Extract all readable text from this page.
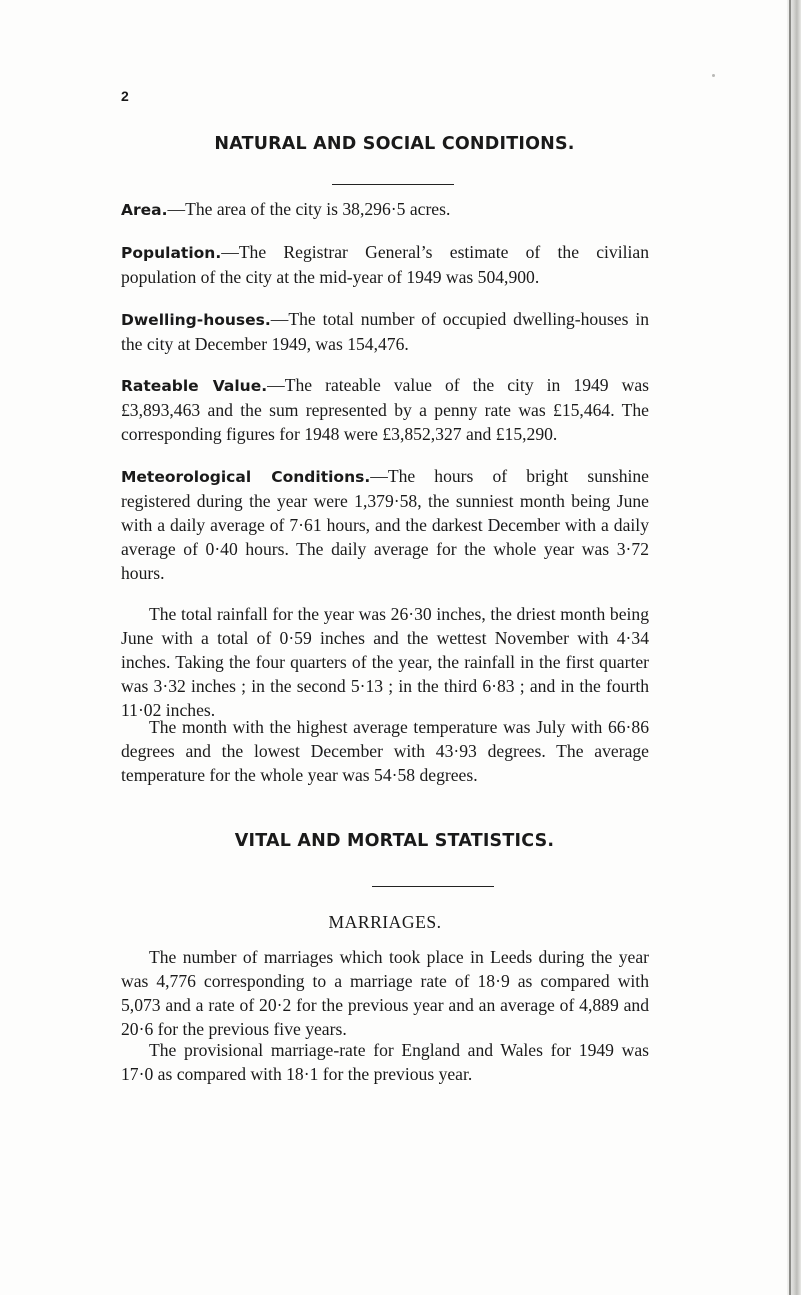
2
NATURAL AND SOCIAL CONDITIONS.

Area.—The area of the city is 38,296·5 acres.

Population.—The Registrar General’s estimate of the civilian population of the city at the mid-year of 1949 was 504,900.

Dwelling-houses.—The total number of occupied dwelling-houses in the city at December 1949, was 154,476.

Rateable Value.—The rateable value of the city in 1949 was £3,893,463 and the sum represented by a penny rate was £15,464. The corresponding figures for 1948 were £3,852,327 and £15,290.

Meteorological Conditions.—The hours of bright sunshine registered during the year were 1,379·58, the sunniest month being June with a daily average of 7·61 hours, and the darkest December with a daily average of 0·40 hours. The daily average for the whole year was 3·72 hours.

The total rainfall for the year was 26·30 inches, the driest month being June with a total of 0·59 inches and the wettest November with 4·34 inches. Taking the four quarters of the year, the rainfall in the first quarter was 3·32 inches ; in the second 5·13 ; in the third 6·83 ; and in the fourth 11·02 inches.

The month with the highest average temperature was July with 66·86 degrees and the lowest December with 43·93 degrees. The average temperature for the whole year was 54·58 degrees.

VITAL AND MORTAL STATISTICS.
MARRIAGES.

The number of marriages which took place in Leeds during the year was 4,776 corresponding to a marriage rate of 18·9 as compared with 5,073 and a rate of 20·2 for the previous year and an average of 4,889 and 20·6 for the previous five years.

The provisional marriage-rate for England and Wales for 1949 was 17·0 as compared with 18·1 for the previous year.
